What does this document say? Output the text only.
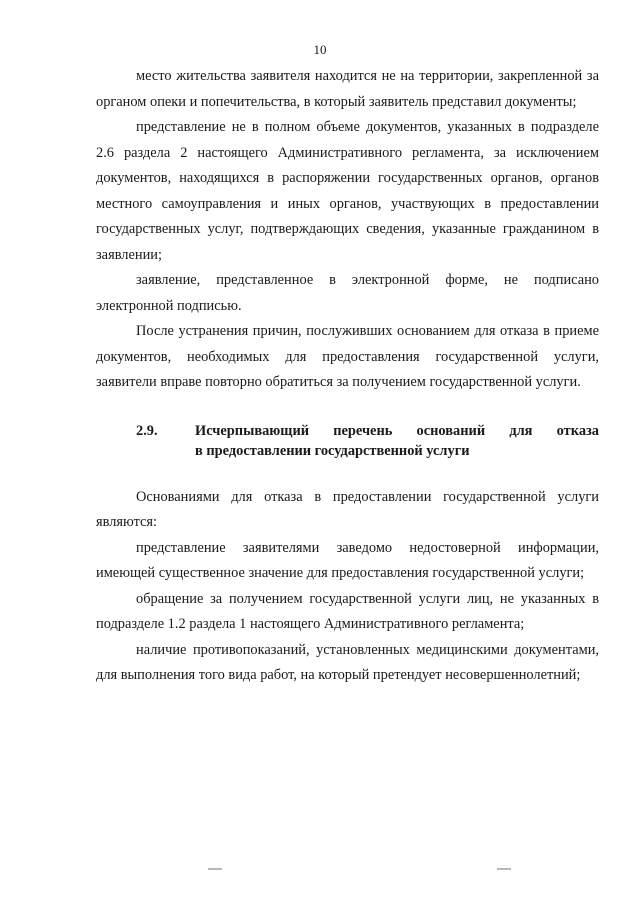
10

место жительства заявителя находится не на территории, закрепленной за органом опеки и попечительства, в который заявитель представил документы;

представление не в полном объеме документов, указанных в подразделе 2.6 раздела 2 настоящего Административного регламента, за исключением документов, находящихся в распоряжении государственных органов, органов местного самоуправления и иных органов, участвующих в предоставлении государственных услуг, подтверждающих сведения, указанные гражданином в заявлении;

заявление, представленное в электронной форме, не подписано электронной подписью.

После устранения причин, послуживших основанием для отказа в приеме документов, необходимых для предоставления государственной услуги, заявители вправе повторно обратиться за получением государственной услуги.

2.9.	Исчерпывающий перечень оснований для отказа
в предоставлении государственной услуги

Основаниями для отказа в предоставлении государственной услуги являются:

представление заявителями заведомо недостоверной информации, имеющей существенное значение для предоставления государственной услуги;

обращение за получением государственной услуги лиц, не указанных в подразделе 1.2 раздела 1 настоящего Административного регламента;

наличие противопоказаний, установленных медицинскими документами, для выполнения того вида работ, на который претендует несовершеннолетний;
